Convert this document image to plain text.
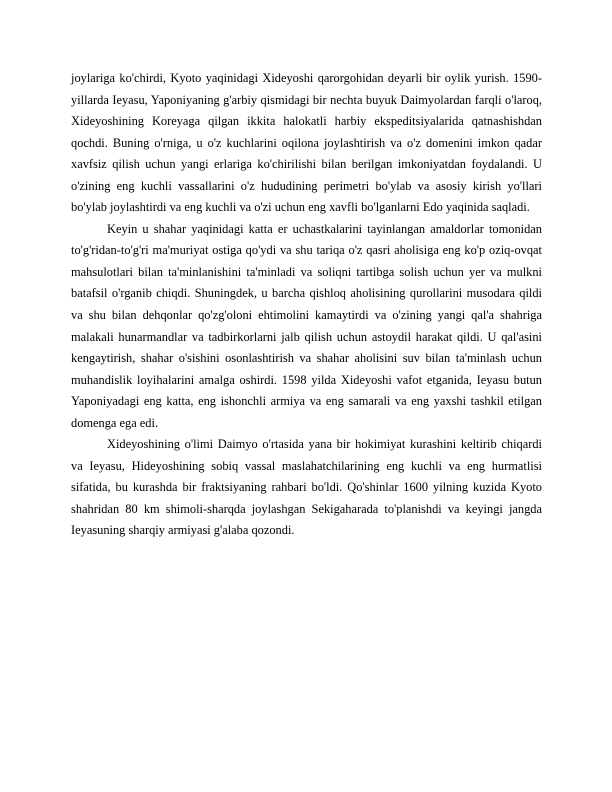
joylariga ko'chirdi, Kyoto yaqinidagi Xideyoshi qarorgohidan deyarli bir oylik yurish. 1590-yillarda Ieyasu, Yaponiyaning g'arbiy qismidagi bir nechta buyuk Daimyolardan farqli o'laroq, Xideyoshining Koreyaga qilgan ikkita halokatli harbiy ekspeditsiyalarida qatnashishdan qochdi. Buning o'rniga, u o'z kuchlarini oqilona joylashtirish va o'z domenini imkon qadar xavfsiz qilish uchun yangi erlariga ko'chirilishi bilan berilgan imkoniyatdan foydalandi. U o'zining eng kuchli vassallarini o'z hududining perimetri bo'ylab va asosiy kirish yo'llari bo'ylab joylashtirdi va eng kuchli va o'zi uchun eng xavfli bo'lganlarni Edo yaqinida saqladi.

Keyin u shahar yaqinidagi katta er uchastkalarini tayinlangan amaldorlar tomonidan to'g'ridan-to'g'ri ma'muriyat ostiga qo'ydi va shu tariqa o'z qasri aholisiga eng ko'p oziq-ovqat mahsulotlari bilan ta'minlanishini ta'minladi va soliqni tartibga solish uchun yer va mulkni batafsil o'rganib chiqdi. Shuningdek, u barcha qishloq aholisining qurollarini musodara qildi va shu bilan dehqonlar qo'zg'oloni ehtimolini kamaytirdi va o'zining yangi qal'a shahriga malakali hunarmandlar va tadbirkorlarni jalb qilish uchun astoydil harakat qildi. U qal'asini kengaytirish, shahar o'sishini osonlashtirish va shahar aholisini suv bilan ta'minlash uchun muhandislik loyihalarini amalga oshirdi. 1598 yilda Xideyoshi vafot etganida, Ieyasu butun Yaponiyadagi eng katta, eng ishonchli armiya va eng samarali va eng yaxshi tashkil etilgan domenga ega edi.

Xideyoshining o'limi Daimyo o'rtasida yana bir hokimiyat kurashini keltirib chiqardi va Ieyasu, Hideyoshining sobiq vassal maslahatchilarining eng kuchli va eng hurmatlisi sifatida, bu kurashda bir fraktsiyaning rahbari bo'ldi. Qo'shinlar 1600 yilning kuzida Kyoto shahridan 80 km shimoli-sharqda joylashgan Sekigaharada to'planishdi va keyingi jangda Ieyasuning sharqiy armiyasi g'alaba qozondi.
